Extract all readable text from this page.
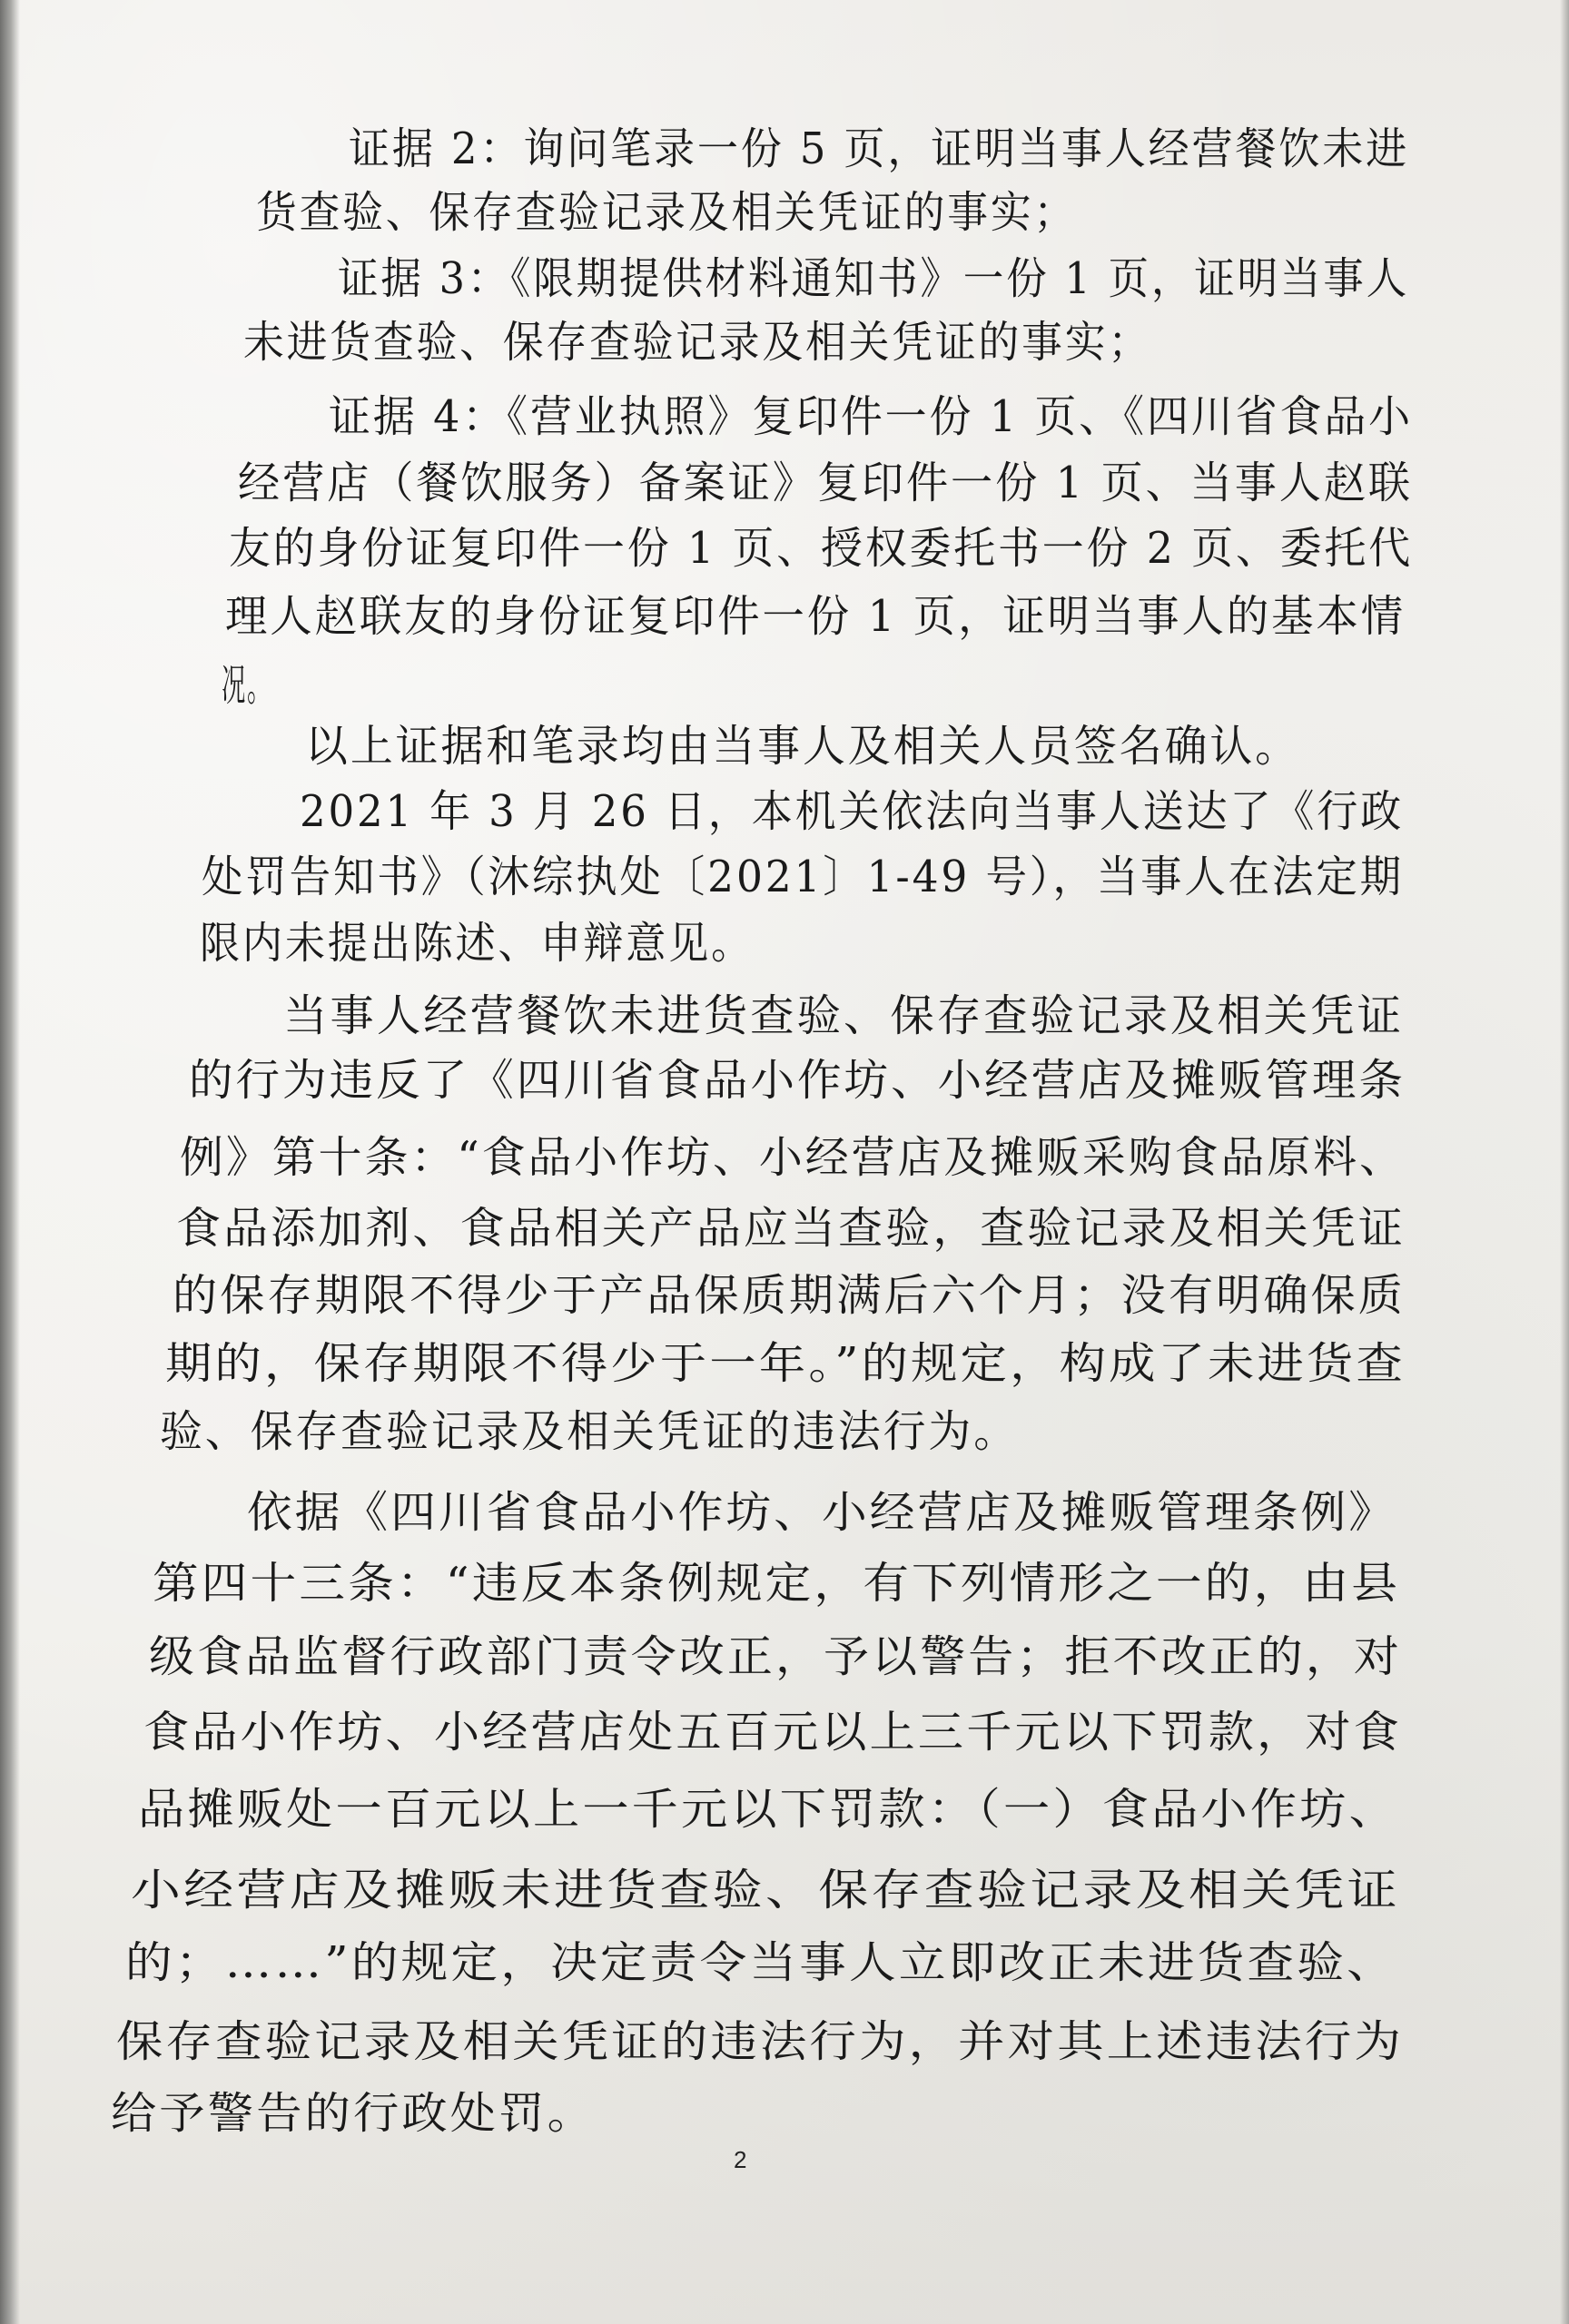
证据 2：询问笔录一份 5 页，证明当事人经营餐饮未进
货查验、保存查验记录及相关凭证的事实；
证据 3：《限期提供材料通知书》一份 1 页，证明当事人
未进货查验、保存查验记录及相关凭证的事实；
证据 4：《营业执照》复印件一份 1 页、《四川省食品小
经营店（餐饮服务）备案证》复印件一份 1 页、当事人赵联
友的身份证复印件一份 1 页、授权委托书一份 2 页、委托代
理人赵联友的身份证复印件一份 1 页，证明当事人的基本情
况。
以上证据和笔录均由当事人及相关人员签名确认。
2021 年 3 月 26 日，本机关依法向当事人送达了《行政
处罚告知书》（沐综执处〔2021〕1-49 号），当事人在法定期
限内未提出陈述、申辩意见。
当事人经营餐饮未进货查验、保存查验记录及相关凭证
的行为违反了《四川省食品小作坊、小经营店及摊贩管理条
例》第十条：“食品小作坊、小经营店及摊贩采购食品原料、
食品添加剂、食品相关产品应当查验，查验记录及相关凭证
的保存期限不得少于产品保质期满后六个月；没有明确保质
期的，保存期限不得少于一年。”的规定，构成了未进货查
验、保存查验记录及相关凭证的违法行为。
依据《四川省食品小作坊、小经营店及摊贩管理条例》
第四十三条：“违反本条例规定，有下列情形之一的，由县
级食品监督行政部门责令改正，予以警告；拒不改正的，对
食品小作坊、小经营店处五百元以上三千元以下罚款，对食
品摊贩处一百元以上一千元以下罚款：（一）食品小作坊、
小经营店及摊贩未进货查验、保存查验记录及相关凭证
的；……”的规定，决定责令当事人立即改正未进货查验、
保存查验记录及相关凭证的违法行为，并对其上述违法行为
给予警告的行政处罚。
2
